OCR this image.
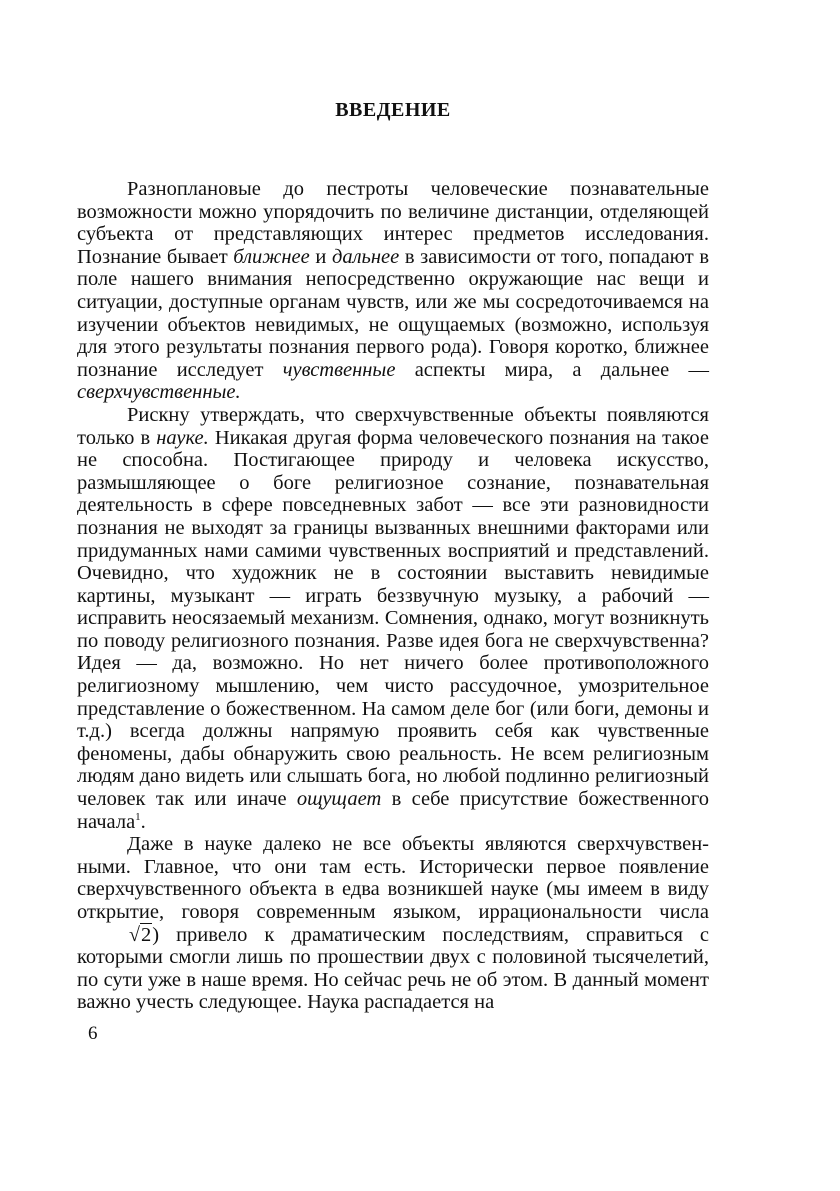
ВВЕДЕНИЕ

Разноплановые до пестроты человеческие познавательные возможности можно упорядочить по величине дистанции, отделяющей субъекта от представляющих интерес предметов исследования. Познание бывает ближнее и дальнее в зависимости от того, попадают в поле нашего внимания непосредственно окружающие нас вещи и ситуации, доступные органам чувств, или же мы сосредоточиваемся на изучении объектов невидимых, не ощущаемых (возможно, используя для этого результаты познания первого рода). Говоря коротко, ближнее познание исследует чувственные аспекты мира, а дальнее — сверхчувственные.

Рискну утверждать, что сверхчувственные объекты появляются только в науке. Никакая другая форма человеческого познания на такое не способна. Постигающее природу и человека искусство, размышляющее о боге религиозное сознание, познавательная деятельность в сфере повседневных забот — все эти разновидности познания не выходят за границы вызванных внешними факторами или придуманных нами самими чувственных восприятий и представлений. Очевидно, что художник не в состоянии выставить невидимые картины, музыкант — играть беззвучную музыку, а рабочий — исправить неосязаемый механизм. Сомнения, однако, могут возникнуть по поводу религиозного познания. Разве идея бога не сверхчувственна? Идея — да, возможно. Но нет ничего более противоположного религиозному мышлению, чем чисто рассудочное, умозрительное представление о божественном. На самом деле бог (или боги, демоны и т.д.) всегда должны напрямую проявить себя как чувственные феномены, дабы обнаружить свою реальность. Не всем религиозным людям дано видеть или слышать бога, но любой подлинно религиозный человек так или иначе ощущает в себе присутствие божественного начала$^1$.

Даже в науке далеко не все объекты являются сверхчувственными. Главное, что они там есть. Исторически первое появление сверхчувственного объекта в едва возникшей науке (мы имеем в виду открытие, говоря современным языком, иррациональности числа √2) привело к драматическим последствиям, справиться с которыми смогли лишь по прошествии двух с половиной тысячелетий, по сути уже в наше время. Но сейчас речь не об этом. В данный момент важно учесть следующее. Наука распадается на

6
